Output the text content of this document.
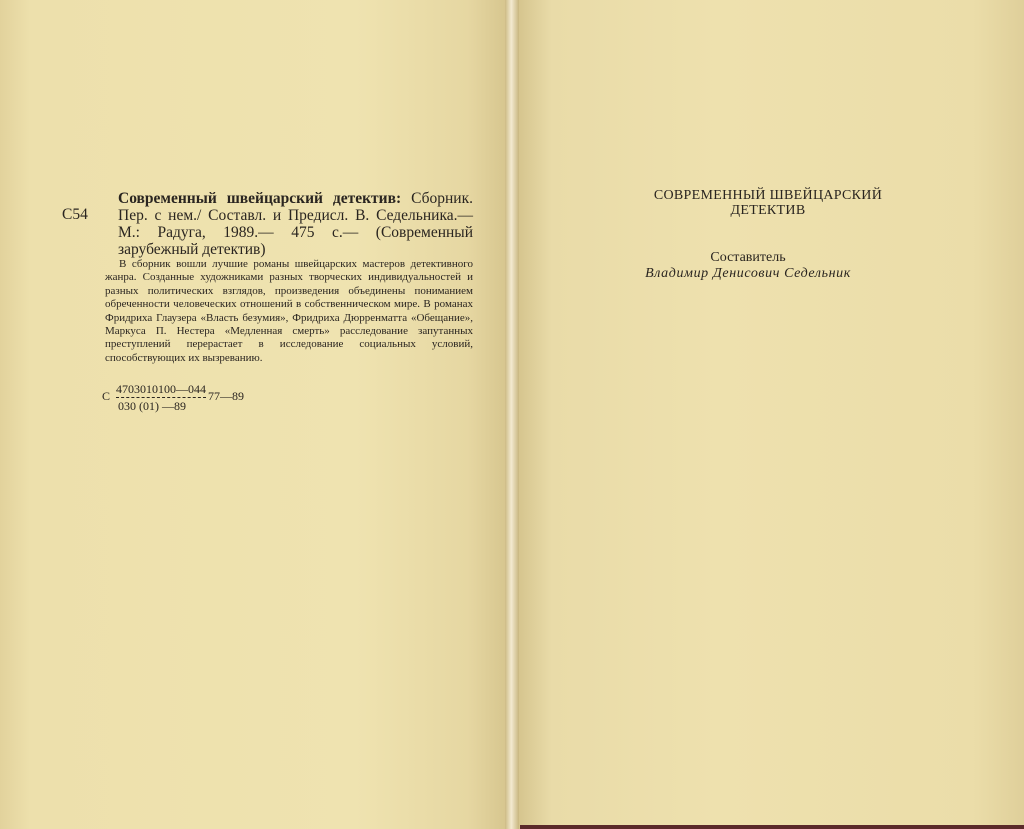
С54
Современный швейцарский детектив: Сборник. Пер. с нем./ Составл. и Предисл. В. Седельника.— М.: Радуга, 1989.— 475 с.— (Современный зарубежный детектив)
В сборник вошли лучшие романы швейцарских мастеров детективного жанра. Созданные художниками разных творческих индивидуальностей и разных политических взглядов, произведения объединены пониманием обреченности человеческих отношений в собственническом мире. В романах Фридриха Глаузера «Власть безумия», Фридриха Дюрренматта «Обещание», Маркуса П. Нестера «Медленная смерть» расследование запутанных преступлений перерастает в исследование социальных условий, способствующих их вызреванию.
С 4703010100—044
030 (01) —89
77—89
СОВРЕМЕННЫЙ ШВЕЙЦАРСКИЙ
ДЕТЕКТИВ
Составитель
Владимир Денисович Седельник
